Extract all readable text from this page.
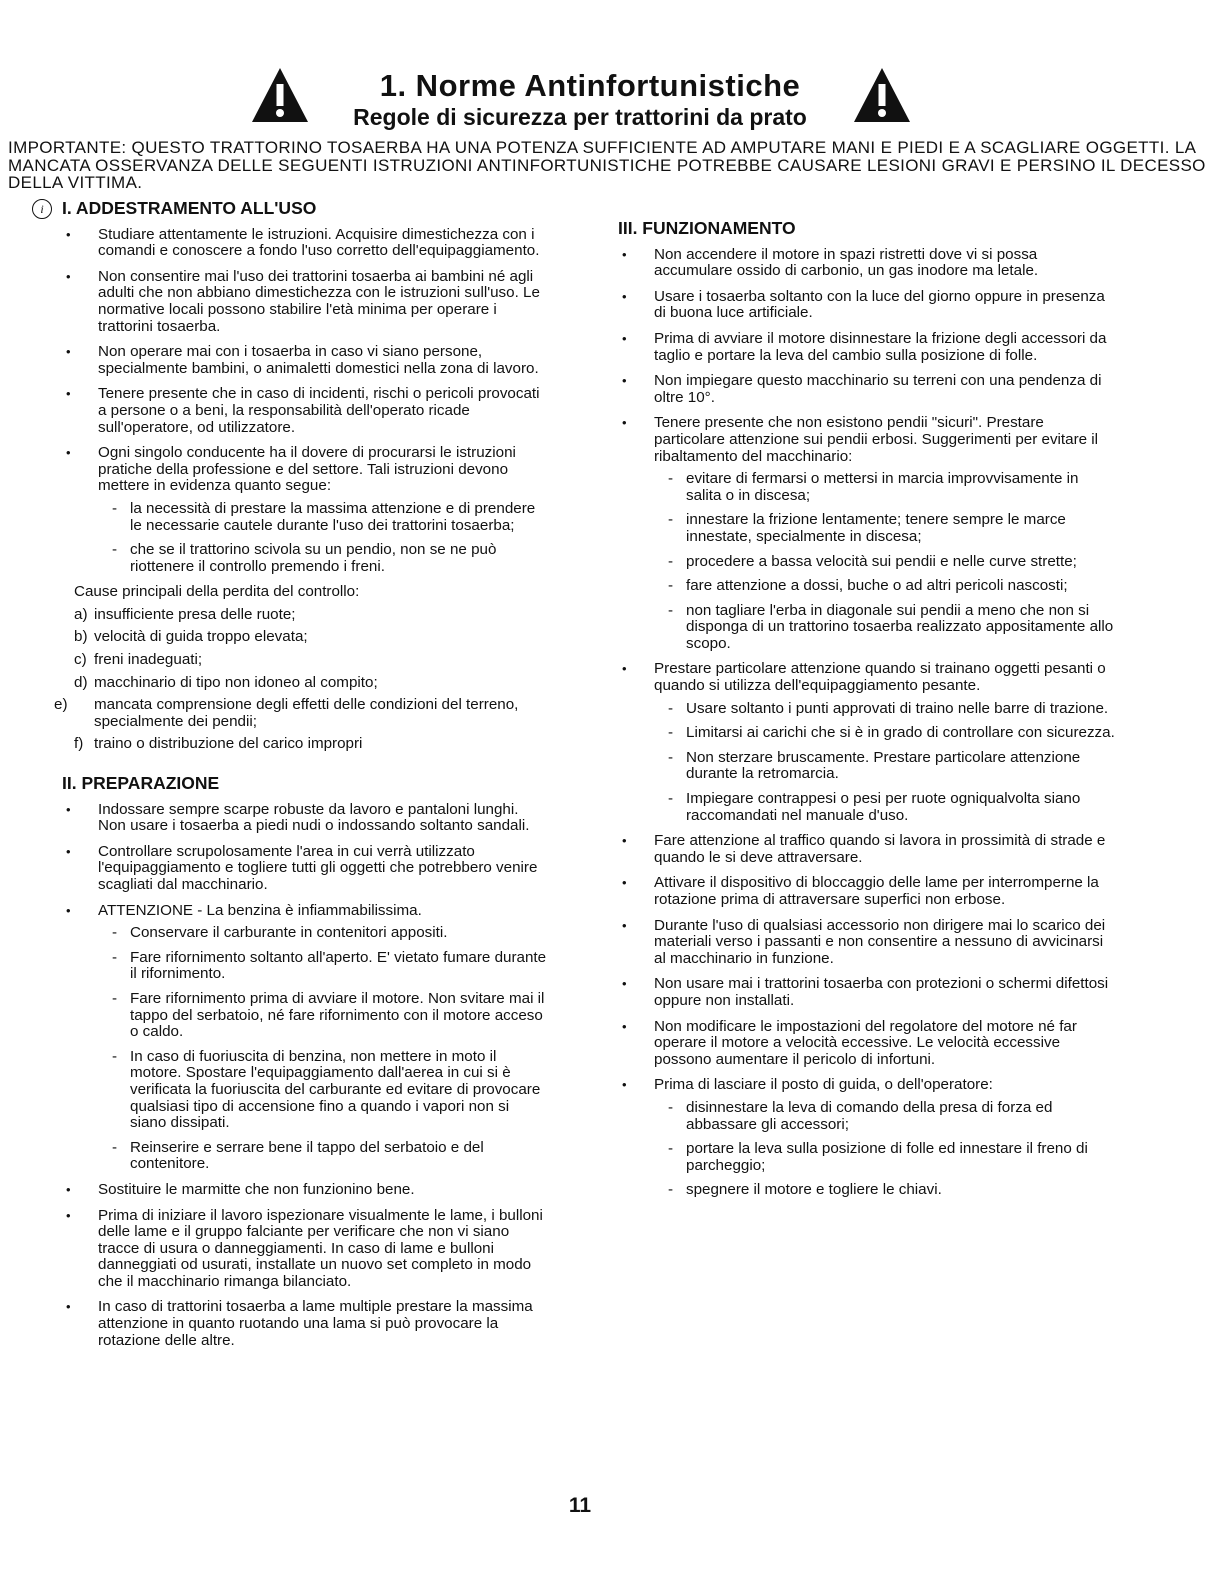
1. Norme Antinfortunistiche
Regole di sicurezza per trattorini da prato
IMPORTANTE: QUESTO TRATTORINO TOSAERBA HA UNA POTENZA SUFFICIENTE AD AMPUTARE MANI E PIEDI E A SCAGLIARE OGGETTI. LA MANCATA OSSERVANZA DELLE SEGUENTI ISTRUZIONI ANTINFORTUNISTICHE POTREBBE CAUSARE LESIONI GRAVI E PERSINO IL DECESSO DELLA VITTIMA.
i	I. ADDESTRAMENTO ALL'USO
• Studiare attentamente le istruzioni. Acquisire dimestichezza con i comandi e conoscere a fondo l'uso corretto dell'equipaggiamento.
• Non consentire mai l'uso dei trattorini tosaerba ai bambini né agli adulti che non abbiano dimestichezza con le istruzioni sull'uso. Le normative locali possono stabilire l'età minima per operare i trattorini tosaerba.
• Non operare mai con i tosaerba in caso vi siano persone, specialmente bambini, o animaletti domestici nella zona di lavoro.
• Tenere presente che in caso di incidenti, rischi o pericoli provocati a persone o a beni, la responsabilità dell'operato ricade sull'operatore, od utilizzatore.
• Ogni singolo conducente ha il dovere di procurarsi le istruzioni pratiche della professione e del settore. Tali istruzioni devono mettere in evidenza quanto segue:
- la necessità di prestare la massima attenzione e di prendere le necessarie cautele durante l'uso dei trattorini tosaerba;
- che se il trattorino scivola su un pendio, non se ne può riottenere il controllo premendo i freni.
Cause principali della perdita del controllo:
a) insufficiente presa delle ruote;
b) velocità di guida troppo elevata;
c) freni inadeguati;
d) macchinario di tipo non idoneo al compito;
e) mancata comprensione degli effetti delle condizioni del terreno, specialmente dei pendii;
f) traino o distribuzione del carico impropri
II. PREPARAZIONE
• Indossare sempre scarpe robuste da lavoro e pantaloni lunghi. Non usare i tosaerba a piedi nudi o indossando soltanto sandali.
• Controllare scrupolosamente l'area in cui verrà utilizzato l'equipaggiamento e togliere tutti gli oggetti che potrebbero venire scagliati dal macchinario.
• ATTENZIONE - La benzina è infiammabilissima.
- Conservare il carburante in contenitori appositi.
- Fare rifornimento soltanto all'aperto. E' vietato fumare durante il rifornimento.
- Fare rifornimento prima di avviare il motore. Non svitare mai il tappo del serbatoio, né fare rifornimento con il motore acceso o caldo.
- In caso di fuoriuscita di benzina, non mettere in moto il motore. Spostare l'equipaggiamento dall'aerea in cui si è verificata la fuoriuscita del carburante ed evitare di provocare qualsiasi tipo di accensione fino a quando i vapori non si siano dissipati.
- Reinserire e serrare bene il tappo del serbatoio e del contenitore.
• Sostituire le marmitte che non funzionino bene.
• Prima di iniziare il lavoro ispezionare visualmente le lame, i bulloni delle lame e il gruppo falciante per verificare che non vi siano tracce di usura o danneggiamenti. In caso di lame e bulloni danneggiati od usurati, installate un nuovo set completo in modo che il macchinario rimanga bilanciato.
• In caso di trattorini tosaerba a lame multiple prestare la massima attenzione in quanto ruotando una lama si può provocare la rotazione delle altre.
III. FUNZIONAMENTO
• Non accendere il motore in spazi ristretti dove vi si possa accumulare ossido di carbonio, un gas inodore ma letale.
• Usare i tosaerba soltanto con la luce del giorno oppure in presenza di buona luce artificiale.
• Prima di avviare il motore disinnestare la frizione degli accessori da taglio e portare la leva del cambio sulla posizione di folle.
• Non impiegare questo macchinario su terreni con una pendenza di oltre 10°.
• Tenere presente che non esistono pendii "sicuri". Prestare particolare attenzione sui pendii erbosi. Suggerimenti per evitare il ribaltamento del macchinario:
- evitare di fermarsi o mettersi in marcia improvvisamente in salita o in discesa;
- innestare la frizione lentamente; tenere sempre le marce innestate, specialmente in discesa;
- procedere a bassa velocità sui pendii e nelle curve strette;
- fare attenzione a dossi, buche o ad altri pericoli nascosti;
- non tagliare l'erba in diagonale sui pendii a meno che non si disponga di un trattorino tosaerba realizzato appositamente allo scopo.
• Prestare particolare attenzione quando si trainano oggetti pesanti o quando si utilizza dell'equipaggiamento pesante.
- Usare soltanto i punti approvati di traino nelle barre di trazione.
- Limitarsi ai carichi che si è in grado di controllare con sicurezza.
- Non sterzare bruscamente. Prestare particolare attenzione durante la retromarcia.
- Impiegare contrappesi o pesi per ruote ogniqualvolta siano raccomandati nel manuale d'uso.
• Fare attenzione al traffico quando si lavora in prossimità di strade e quando le si deve attraversare.
• Attivare il dispositivo di bloccaggio delle lame per interromperne la rotazione prima di attraversare superfici non erbose.
• Durante l'uso di qualsiasi accessorio non dirigere mai lo scarico dei materiali verso i passanti e non consentire a nessuno di avvicinarsi al macchinario in funzione.
• Non usare mai i trattorini tosaerba con protezioni o schermi difettosi oppure non installati.
• Non modificare le impostazioni del regolatore del motore né far operare il motore a velocità eccessive. Le velocità eccessive possono aumentare il pericolo di infortuni.
• Prima di lasciare il posto di guida, o dell'operatore:
- disinnestare la leva di comando della presa di forza ed abbassare gli accessori;
- portare la leva sulla posizione di folle ed innestare il freno di parcheggio;
- spegnere il motore e togliere le chiavi.
11
